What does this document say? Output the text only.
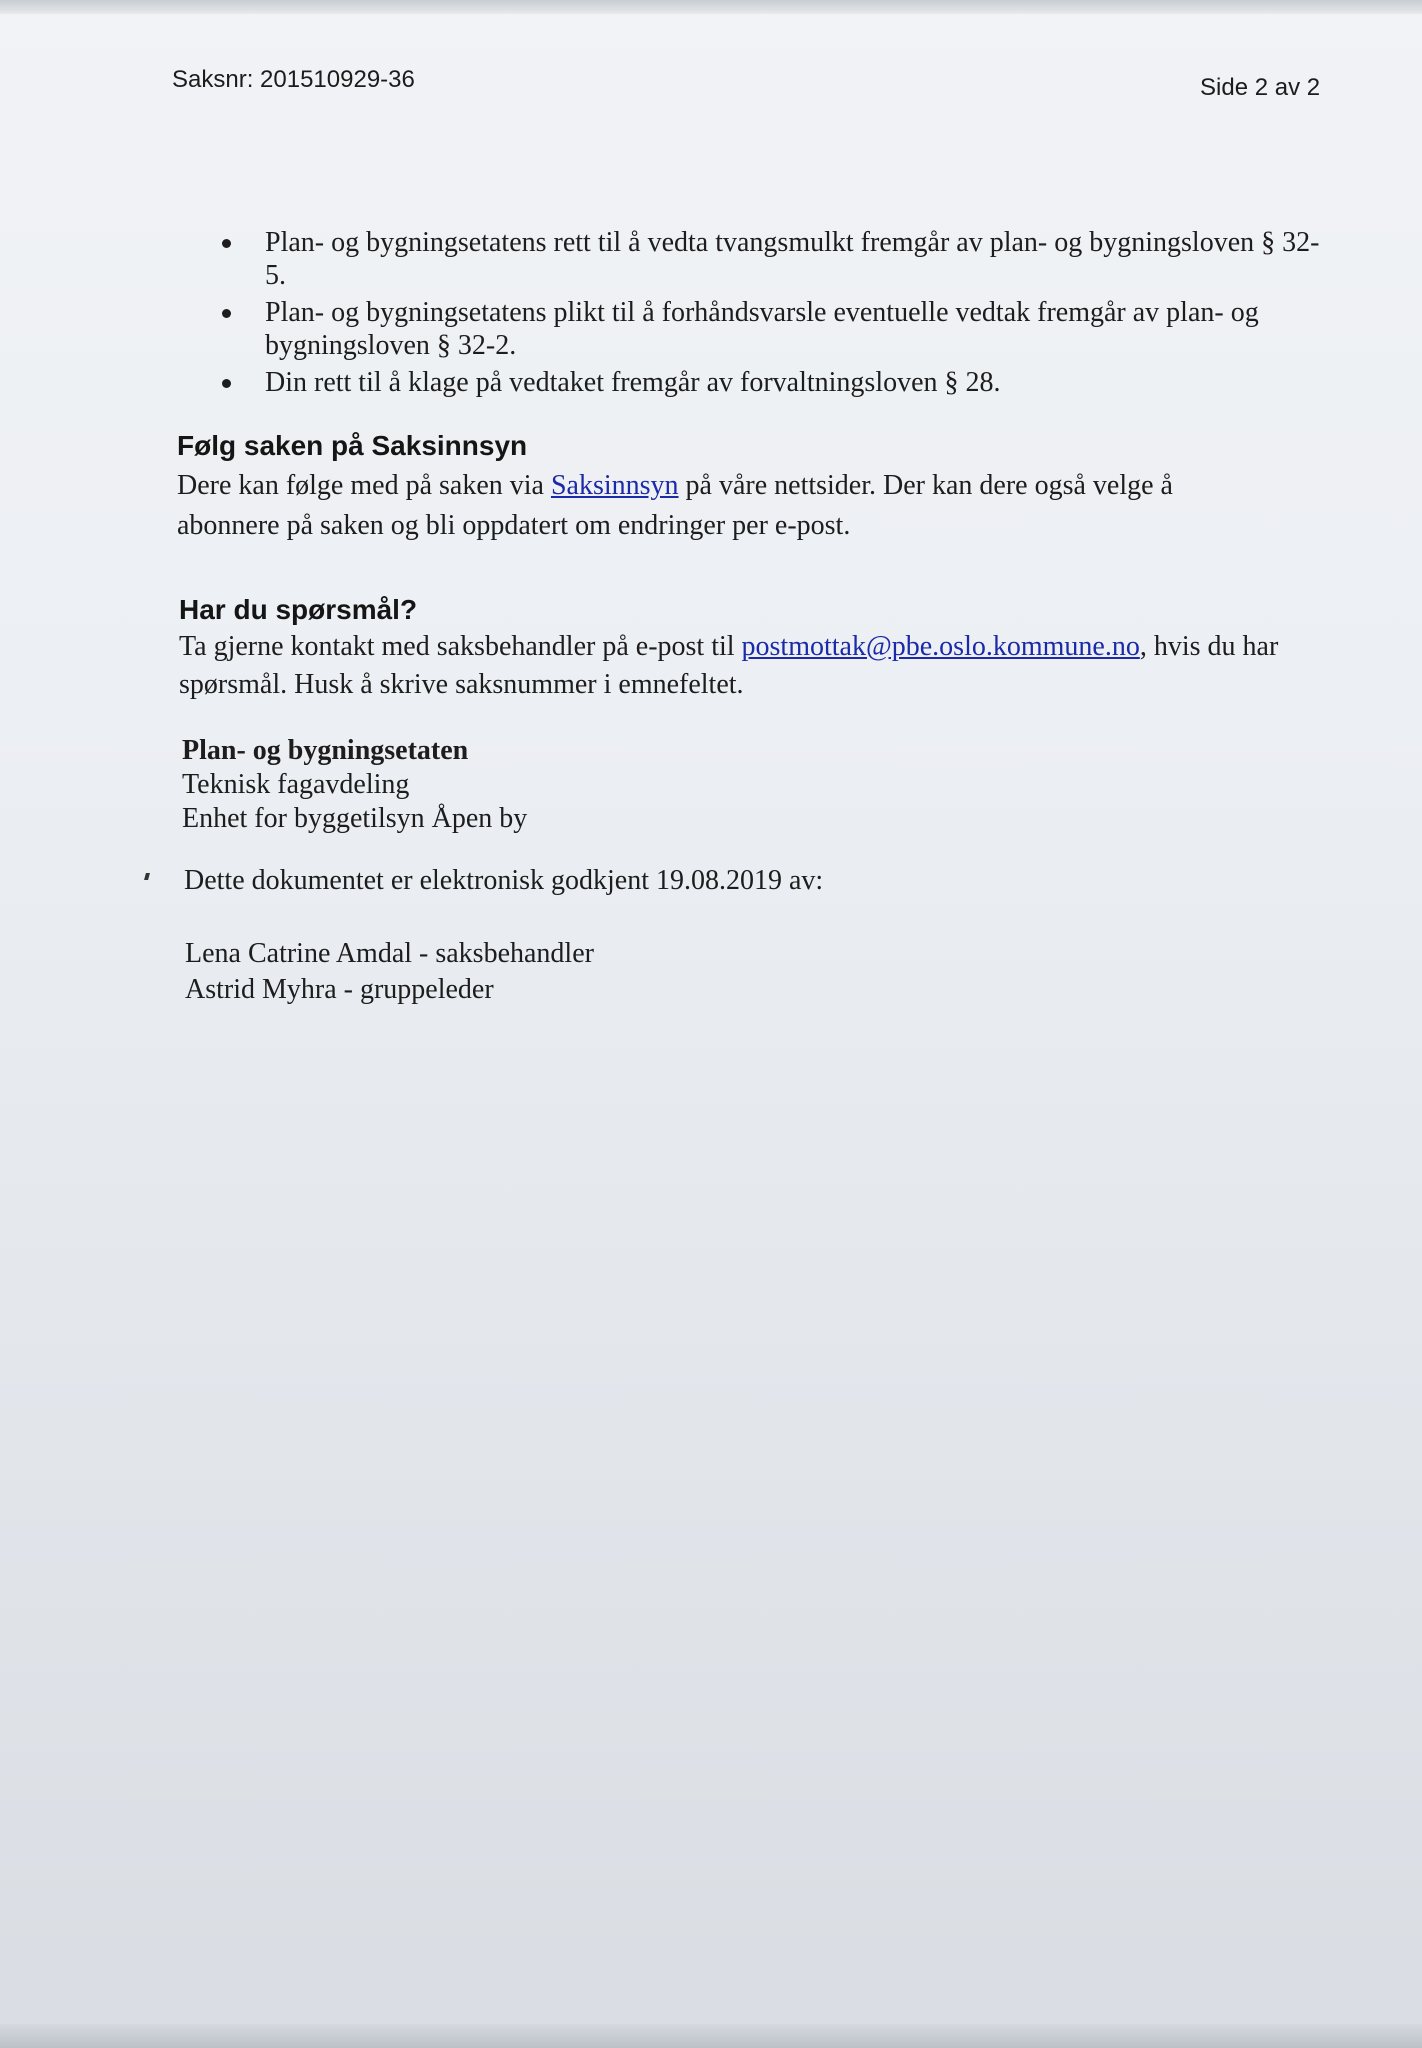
Saksnr: 201510929-36	Side 2 av 2
Plan- og bygningsetatens rett til å vedta tvangsmulkt fremgår av plan- og bygningsloven § 32-5.
Plan- og bygningsetatens plikt til å forhåndsvarsle eventuelle vedtak fremgår av plan- og bygningsloven § 32-2.
Din rett til å klage på vedtaket fremgår av forvaltningsloven § 28.
Følg saken på Saksinnsyn
Dere kan følge med på saken via Saksinnsyn på våre nettsider. Der kan dere også velge å abonnere på saken og bli oppdatert om endringer per e-post.
Har du spørsmål?
Ta gjerne kontakt med saksbehandler på e-post til postmottak@pbe.oslo.kommune.no, hvis du har spørsmål. Husk å skrive saksnummer i emnefeltet.
Plan- og bygningsetaten
Teknisk fagavdeling
Enhet for byggetilsyn Åpen by
Dette dokumentet er elektronisk godkjent 19.08.2019 av:
Lena Catrine Amdal - saksbehandler
Astrid Myhra - gruppeleder
